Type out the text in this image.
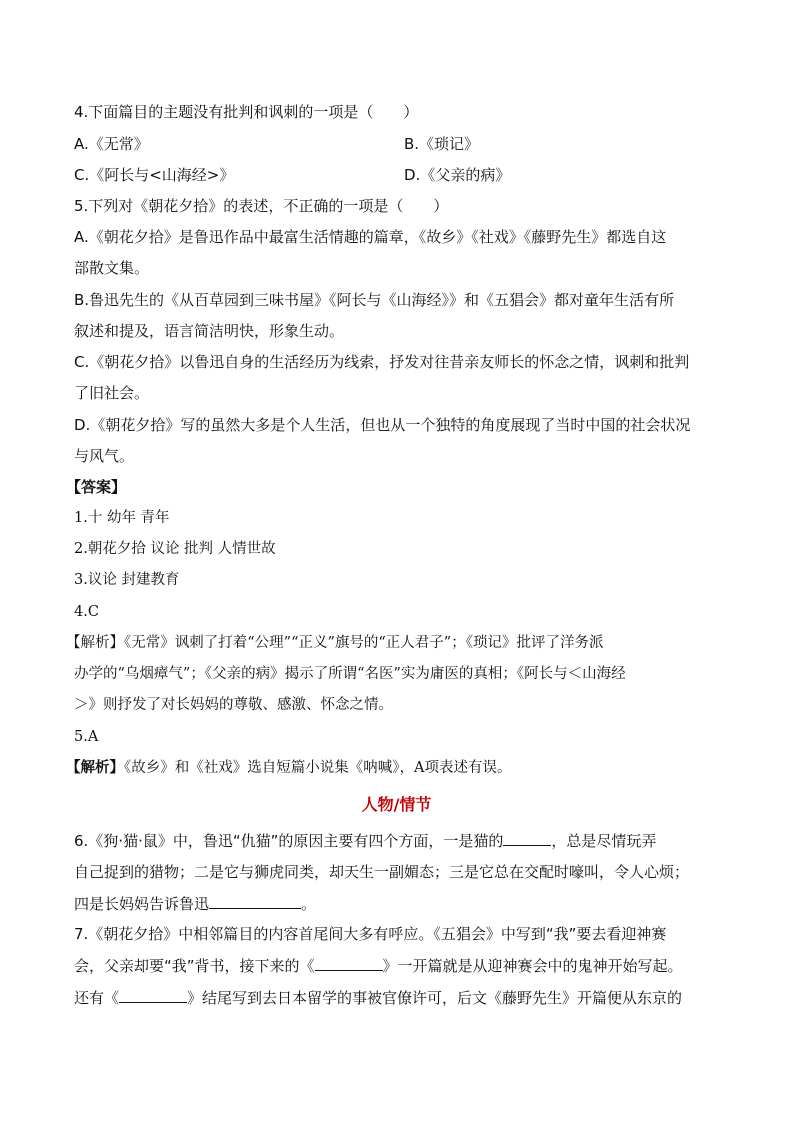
4.下面篇目的主题没有批判和讽刺的一项是（　　）
A.《无常》	B.《琐记》
C.《阿长与<山海经>》	D.《父亲的病》
5.下列对《朝花夕拾》的表述，不正确的一项是（　　）
A.《朝花夕拾》是鲁迅作品中最富生活情趣的篇章，《故乡》《社戏》《藤野先生》都选自这
部散文集。
B.鲁迅先生的《从百草园到三味书屋》《阿长与《山海经》》和《五猖会》都对童年生活有所
叙述和提及，语言简洁明快，形象生动。
C.《朝花夕拾》以鲁迅自身的生活经历为线索，抒发对往昔亲友师长的怀念之情，讽刺和批判
了旧社会。
D.《朝花夕拾》写的虽然大多是个人生活，但也从一个独特的角度展现了当时中国的社会状况
与风气。
【答案】
1.十 幼年 青年
2.朝花夕拾 议论 批判 人情世故
3.议论 封建教育
4.C
【解析】《无常》讽刺了打着“公理”“正义”旗号的“正人君子”；《琐记》批评了洋务派
办学的“乌烟瘴气”；《父亲的病》揭示了所谓“名医”实为庸医的真相；《阿长与＜山海经
＞》则抒发了对长妈妈的尊敬、感激、怀念之情。
5.A
【解析】《故乡》和《社戏》选自短篇小说集《呐喊》，A项表述有误。
人物/情节
6.《狗·猫·鼠》中，鲁迅“仇猫”的原因主要有四个方面，一是猫的	，总是尽情玩弄
自己捉到的猎物；二是它与狮虎同类，却天生一副媚态；三是它总在交配时嚎叫，令人心烦；
四是长妈妈告诉鲁迅	。
7.《朝花夕拾》中相邻篇目的内容首尾间大多有呼应。《五猖会》中写到“我”要去看迎神赛
会，父亲却要“我”背书，接下来的《	》一开篇就是从迎神赛会中的鬼神开始写起。
还有《	》结尾写到去日本留学的事被官僚许可，后文《藤野先生》开篇便从东京的
